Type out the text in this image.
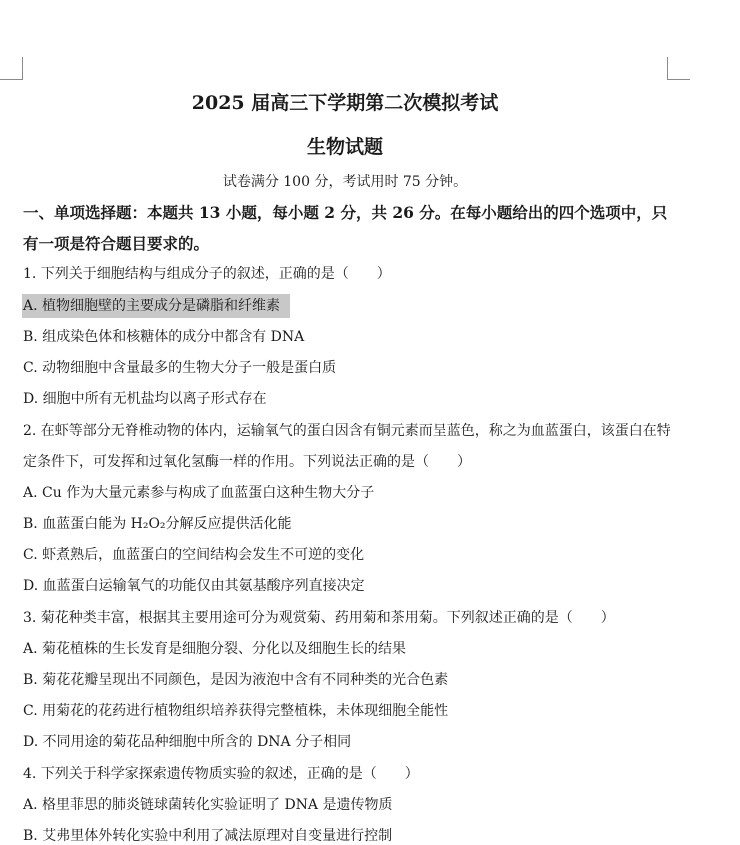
2025 届高三下学期第二次模拟考试
生物试题
试卷满分 100 分，考试用时 75 分钟。
一、单项选择题：本题共 13 小题，每小题 2 分，共 26 分。在每小题给出的四个选项中，只
有一项是符合题目要求的。
1. 下列关于细胞结构与组成分子的叙述，正确的是（　　）
A. 植物细胞壁的主要成分是磷脂和纤维素
B. 组成染色体和核糖体的成分中都含有 DNA
C. 动物细胞中含量最多的生物大分子一般是蛋白质
D. 细胞中所有无机盐均以离子形式存在
2. 在虾等部分无脊椎动物的体内，运输氧气的蛋白因含有铜元素而呈蓝色，称之为血蓝蛋白，该蛋白在特
定条件下，可发挥和过氧化氢酶一样的作用。下列说法正确的是（　　）
A. Cu 作为大量元素参与构成了血蓝蛋白这种生物大分子
B. 血蓝蛋白能为 H₂O₂分解反应提供活化能
C. 虾煮熟后，血蓝蛋白的空间结构会发生不可逆的变化
D. 血蓝蛋白运输氧气的功能仅由其氨基酸序列直接决定
3. 菊花种类丰富，根据其主要用途可分为观赏菊、药用菊和茶用菊。下列叙述正确的是（　　）
A. 菊花植株的生长发育是细胞分裂、分化以及细胞生长的结果
B. 菊花花瓣呈现出不同颜色，是因为液泡中含有不同种类的光合色素
C. 用菊花的花药进行植物组织培养获得完整植株，未体现细胞全能性
D. 不同用途的菊花品种细胞中所含的 DNA 分子相同
4. 下列关于科学家探索遗传物质实验的叙述，正确的是（　　）
A. 格里菲思的肺炎链球菌转化实验证明了 DNA 是遗传物质
B. 艾弗里体外转化实验中利用了减法原理对自变量进行控制
